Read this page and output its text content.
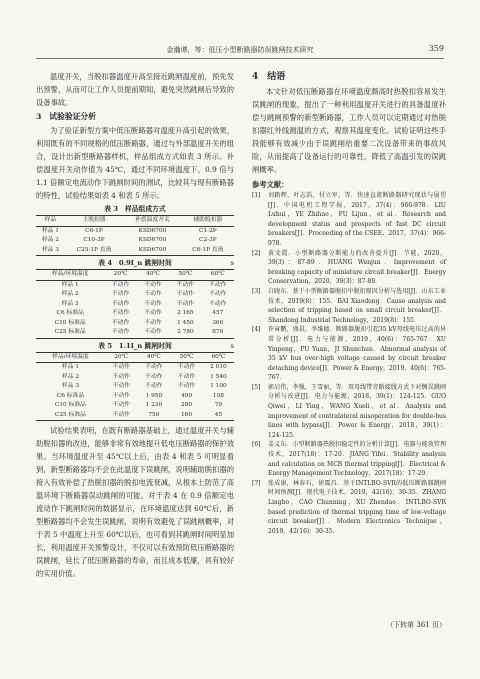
金瀚谭，等：低压小型断路器防误跳闸技术研究	359

温度开关，当脱扣器温度升高至接近跳闸温度前，预先发出预警，从而可让工作人员提前期知，避免突然跳闸后导致的设备事故。

3　试验验证分析

为了验证新型方案中低压断路器对温度升高引起的效果，利用既有的不同规格的低压断路器，通过与外部温度开关的组合，设计出新型断路器样机，样品组成方式如表 3 所示。补偿温度开关动作值为 45℃，通过不同环境温度下，0.9 倍与 1.1 倍额定电流动作下跳闸时间的测试，比较其与现有断路器的特性，试验结果如表 4 和表 5 所示。

表 3　样品组成方式
样品	主脱扣器	补偿温度开关	辅助脱扣器
样品 1	C6-1P	KSD6700	C1-2P
样品 2	C10-3P	KSD6700	C2-3P
样品 3	C25-1P 直流	KSD6700	C6-1P 直流
表 4　0.9I_n 跳闸时间	s
样品/环境温度	20℃	40℃	50℃	60℃
样品 1	不动作	不动作	不动作	不动作
样品 2	不动作	不动作	不动作	不动作
样品 3	不动作	不动作	不动作	不动作
C6 标准品	不动作	不动作	2 165	457
C10 标准品	不动作	不动作	1 450	360
C25 标准品	不动作	不动作	2 780	870
表 5　1.1I_n 跳闸时间	s
样品/环境温度	20℃	40℃	50℃	60℃
样品 1	不动作	不动作	不动作	2 010
样品 2	不动作	不动作	不动作	1 540
样品 3	不动作	不动作	不动作	1 100
C6 标准品	不动作	1 950	400	108
C10 标准品	不动作	1 230	280	70
C25 标准品	不动作	750	160	45

试验结果表明，在既有断路器基础上，通过温度开关与辅助脱扣器的改进，能够非常有效地提升低电压断路器的保护效果。当环境温度升至 45℃以上后，由表 4 和表 5 可明显看到，新型断路器均不会在此温度下误跳闸，说明辅助脱扣器的接入有效补偿了热脱扣器的脱扣电流衰减，从根本上防范了高温环境下断路器误动跳闸的可能。对于表 4 在 0.9 倍额定电流动作下跳闸时间的数据显示，在环境温度达到 60℃后，新型断路器均不会发生误跳闸，说明有效避免了误跳闸概率，对于表 5 中温度上升至 60℃以后，也可看到其跳闸时间明显加长，利用温度开关预警设计，不仅可以有效预防低压断路器的误跳闸，延长了低压断路器的寿命，而且成本低廉，具有较好的实用价值。

4　结语

本文针对低压断路器在环境温度颇高时热脱扣容易发生误跳闸的现象，提出了一种利用温度开关进行的具备温度补偿与跳闸预警的新型断路器，工作人员可以定期通过对热脱扣器红外线测温的方式，观察其温度变化。试验证明这些手段能够有效减少由于误跳闸给重要二次设备带来的事故风险，从而提高了设备运行的可靠性，降低了高温引发的误跳闸概率。

参考文献：
[1]	刘路辉，叶志浩，付立军，等．快速直流断路器研究现状与展望[J]．中国电机工程学报，2017，37(4)：966-978．LIU Luhui，YE Zhihao，FU Lijun，et al．Research and development status and prospects of fast DC circuit breakers[J]．Proceeding of the CSEE，2017，37(4)：966-978．
[2]	黄文霞．小型断路器分断能力的改善提升[J]．节能，2020，39(3)：87-89．HUANG Wenjun．Improvement of breaking capacity of miniature circuit breaker[J]．Energy Conservation，2020，39(3)：87-89．
[3]	白晓东．基于小型断路器脱扣中脱扣原因分析与选用[J]．山东工业技术，2019(8)：155．BAI Xiaodong．Cause analysis and selection of tripping based on small circuit breaker[J]．Shandong Industrial Technology，2019(8)：155．
[4]	许寅鹏，盛晨，李维德．断路器脱扣引起35 kV母线电压过高的异常分析[J]．电力与能源，2019，40(6)：765-767．XU Yinpeng，PU Yuan，JI Shunchun．Abnormal analysis of 35 kV bus over-high voltage caused by circuit breaker detaching device[J]．Power & Energy，2019，40(6)：765-767．
[5]	郭启伟，李强，王雪丽，等．双母线带旁路接线方式下对侧误跳闸分析与改进[J]．电力与能源，2018，39(1)：124-125．GUO Qiwei，LI Ying，WANG Xueli，et al．Analysis and improvement of contralateral misoperation for double-bus lines with bypass[J]．Power & Energy，2018，39(1)：124-125．
[6]	姜义东．小型断路器热脱扣稳定性的分析计算[J]．电器与能效管理技术，2017(18)：17-20．JIANG Yifei．Stability analysis and calculation on MCB thermal tripping[J]．Electrical & Energy Management Technology，2017(18)：17-20．
[7]	张成康，林春石，徐震昌．基于INTLBO-SVR的低压断路器跳闸时间预测[J]．现代电子技术，2019，42(16)：30-35．ZHANG Lingbo，CAO Chunning，XU Zhendao．INTLBO-SVR based prediction of thermal tripping time of low-voltage circuit breaker[J]．Modern Electronics Technique，2019，42(16)：30-35．
（下转第 361 页）
